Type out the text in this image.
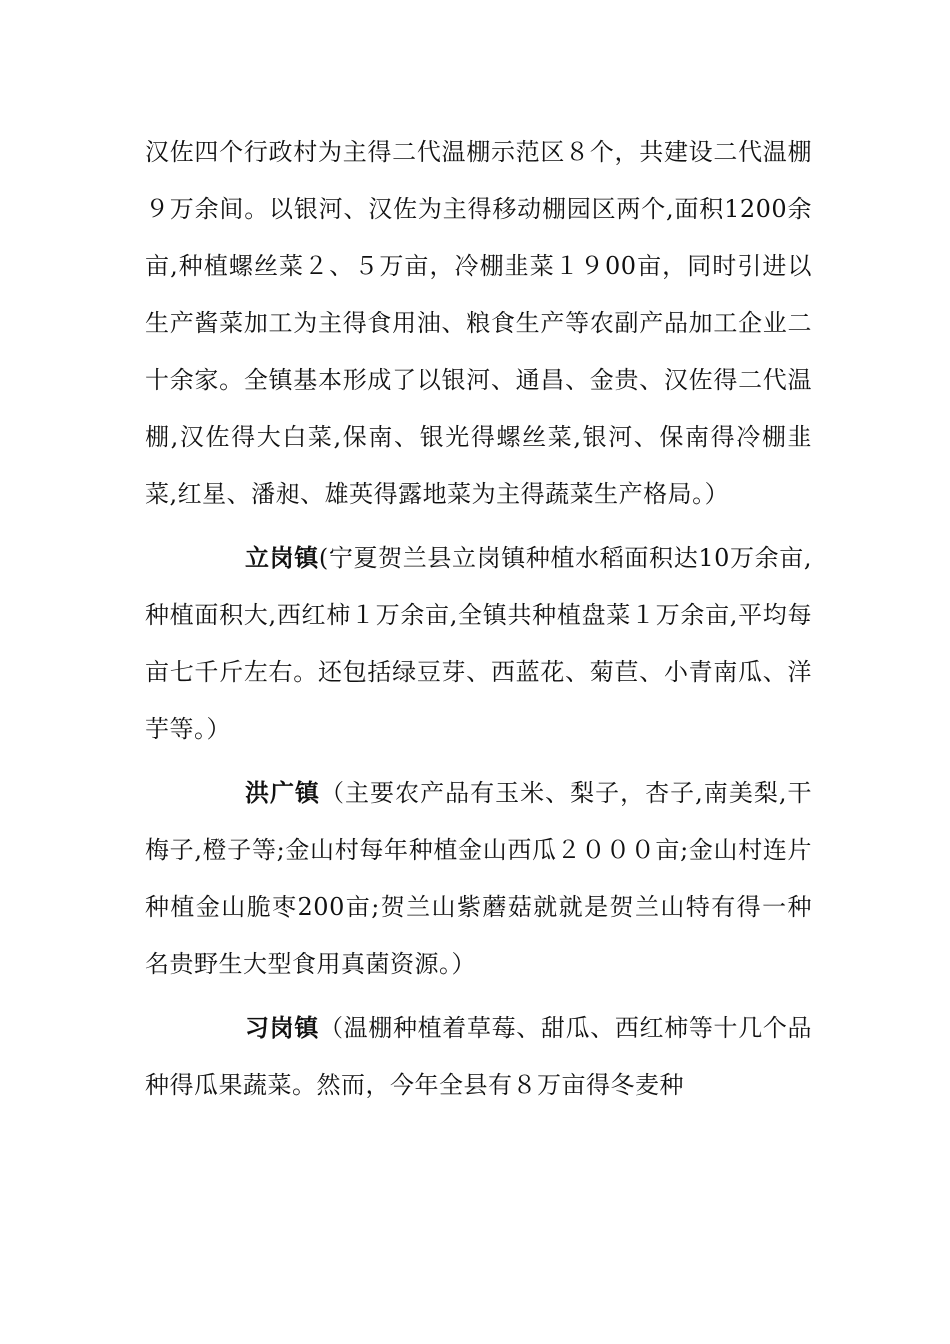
汉佐四个行政村为主得二代温棚示范区８个，共建设二代温棚９万余间。以银河、汉佐为主得移动棚园区两个,面积1200余亩,种植螺丝菜２、５万亩，冷棚韭菜１９00亩，同时引进以生产酱菜加工为主得食用油、粮食生产等农副产品加工企业二十余家。全镇基本形成了以银河、通昌、金贵、汉佐得二代温棚,汉佐得大白菜,保南、银光得螺丝菜,银河、保南得冷棚韭菜,红星、潘昶、雄英得露地菜为主得蔬菜生产格局。）

立岗镇(宁夏贺兰县立岗镇种植水稻面积达10万余亩,种植面积大,西红柿１万余亩,全镇共种植盘菜１万余亩,平均每亩七千斤左右。还包括绿豆芽、西蓝花、菊苣、小青南瓜、洋芋等。）

洪广镇（主要农产品有玉米、梨子，杏子,南美梨,干梅子,橙子等;金山村每年种植金山西瓜２０００亩;金山村连片种植金山脆枣200亩;贺兰山紫蘑菇就就是贺兰山特有得一种名贵野生大型食用真菌资源。）

习岗镇（温棚种植着草莓、甜瓜、西红柿等十几个品种得瓜果蔬菜。然而，今年全县有８万亩得冬麦种
